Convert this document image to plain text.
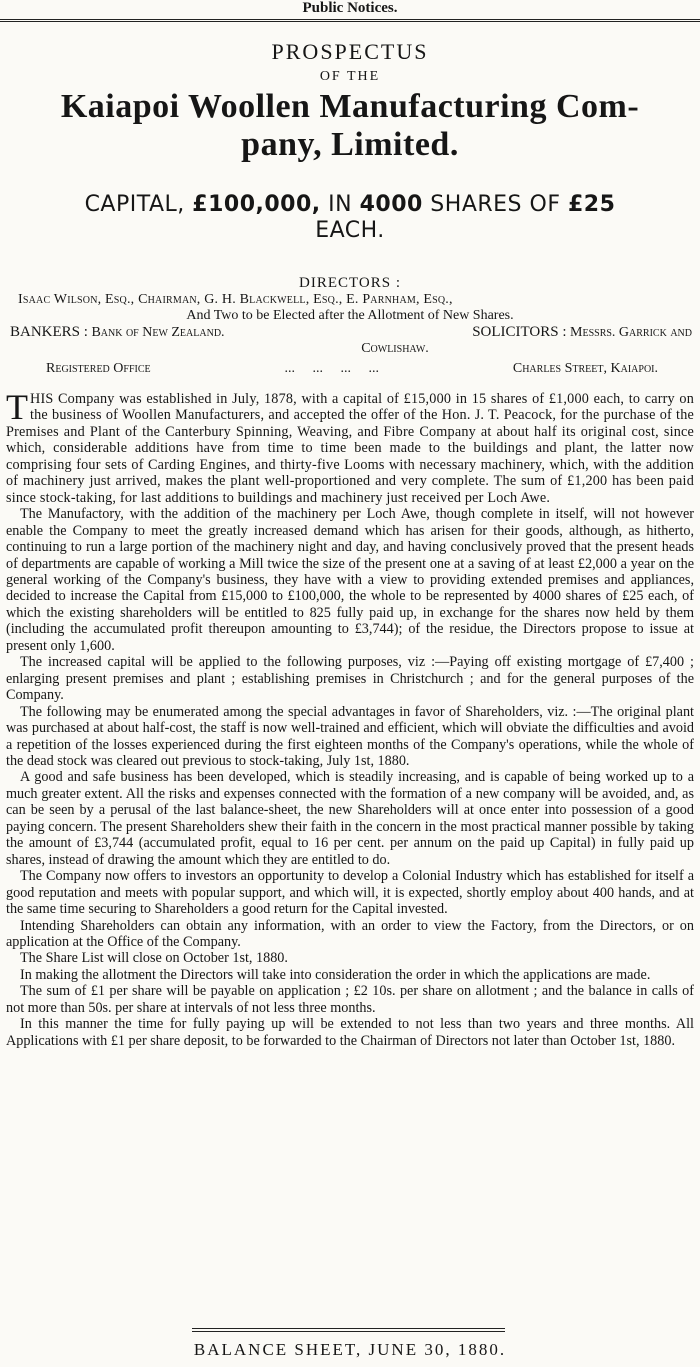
Public Notices.
PROSPECTUS
OF THE
Kaiapoi Woollen Manufacturing Com-
pany, Limited.
CAPITAL, £100,000, IN 4000 SHARES OF £25
EACH.
DIRECTORS :
Isaac Wilson, Esq., Chairman, G. H. Blackwell, Esq., E. Parnham, Esq.,
And Two to be Elected after the Allotment of New Shares.
BANKERS : Bank of New Zealand.	SOLICITORS : Messrs. Garrick and
Cowlishaw.
Registered Office	...     ...     ...     ...	Charles Street, Kaiapoi.

THIS Company was established in July, 1878, with a capital of £15,000 in 15 shares of £1,000 each, to carry on the business of Woollen Manufacturers, and accepted the offer of the Hon. J. T. Peacock, for the purchase of the Premises and Plant of the Canterbury Spinning, Weaving, and Fibre Company at about half its original cost, since which, considerable additions have from time to time been made to the buildings and plant, the latter now comprising four sets of Carding Engines, and thirty-five Looms with necessary machinery, which, with the addition of machinery just arrived, makes the plant well-proportioned and very complete. The sum of £1,200 has been paid since stock-taking, for last additions to buildings and machinery just received per Loch Awe.

The Manufactory, with the addition of the machinery per Loch Awe, though complete in itself, will not however enable the Company to meet the greatly increased demand which has arisen for their goods, although, as hitherto, continuing to run a large portion of the machinery night and day, and having conclusively proved that the present heads of departments are capable of working a Mill twice the size of the present one at a saving of at least £2,000 a year on the general working of the Company's business, they have with a view to providing extended premises and appliances, decided to increase the Capital from £15,000 to £100,000, the whole to be represented by 4000 shares of £25 each, of which the existing shareholders will be entitled to 825 fully paid up, in exchange for the shares now held by them (including the accumulated profit thereupon amounting to £3,744); of the residue, the Directors propose to issue at present only 1,600.

The increased capital will be applied to the following purposes, viz :—Paying off existing mortgage of £7,400 ; enlarging present premises and plant ; establishing premises in Christchurch ; and for the general purposes of the Company.

The following may be enumerated among the special advantages in favor of Shareholders, viz. :—The original plant was purchased at about half-cost, the staff is now well-trained and efficient, which will obviate the difficulties and avoid a repetition of the losses experienced during the first eighteen months of the Company's operations, while the whole of the dead stock was cleared out previous to stock-taking, July 1st, 1880.

A good and safe business has been developed, which is steadily increasing, and is capable of being worked up to a much greater extent. All the risks and expenses connected with the formation of a new company will be avoided, and, as can be seen by a perusal of the last balance-sheet, the new Shareholders will at once enter into possession of a good paying concern. The present Shareholders shew their faith in the concern in the most practical manner possible by taking the amount of £3,744 (accumulated profit, equal to 16 per cent. per annum on the paid up Capital) in fully paid up shares, instead of drawing the amount which they are entitled to do.

The Company now offers to investors an opportunity to develop a Colonial Industry which has established for itself a good reputation and meets with popular support, and which will, it is expected, shortly employ about 400 hands, and at the same time securing to Shareholders a good return for the Capital invested.

Intending Shareholders can obtain any information, with an order to view the Factory, from the Directors, or on application at the Office of the Company.

The Share List will close on October 1st, 1880.

In making the allotment the Directors will take into consideration the order in which the applications are made.

The sum of £1 per share will be payable on application ; £2 10s. per share on allotment ; and the balance in calls of not more than 50s. per share at intervals of not less three months.

In this manner the time for fully paying up will be extended to not less than two years and three months. All Applications with £1 per share deposit, to be forwarded to the Chairman of Directors not later than October 1st, 1880.

BALANCE SHEET, JUNE 30, 1880.
